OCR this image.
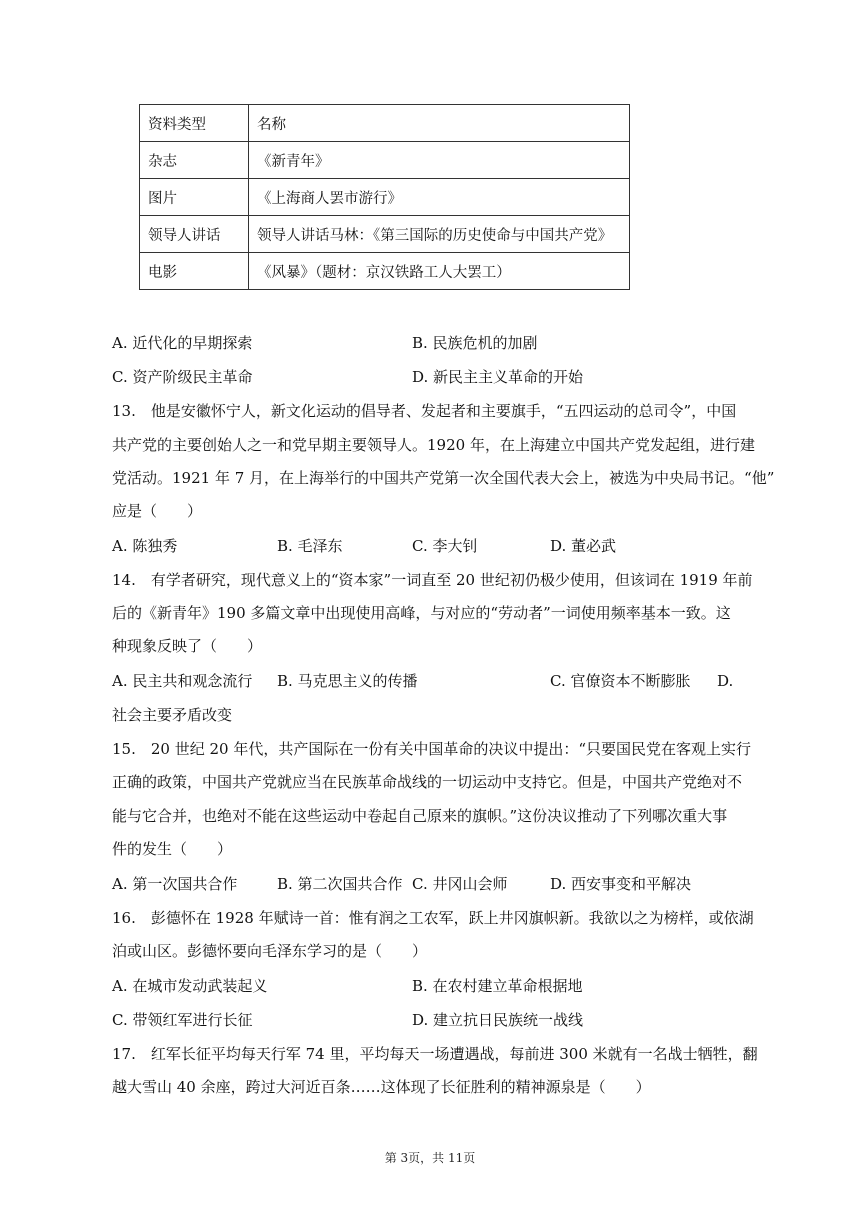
资料类型	名称
杂志	《新青年》
图片	《上海商人罢市游行》
领导人讲话	领导人讲话马林：《第三国际的历史使命与中国共产党》
电影	《风暴》（题材：京汉铁路工人大罢工）
A. 近代化的早期探索	B. 民族危机的加剧
C. 资产阶级民主革命	D. 新民主主义革命的开始
13.　他是安徽怀宁人，新文化运动的倡导者、发起者和主要旗手，“五四运动的总司令”，中国
共产党的主要创始人之一和党早期主要领导人。1920 年，在上海建立中国共产党发起组，进行建
党活动。1921 年 7 月，在上海举行的中国共产党第一次全国代表大会上，被选为中央局书记。“他”
应是（　　）
A. 陈独秀	B. 毛泽东	C. 李大钊	D. 董必武
14.　有学者研究，现代意义上的“资本家”一词直至 20 世纪初仍极少使用，但该词在 1919 年前
后的《新青年》190 多篇文章中出现使用高峰，与对应的“劳动者”一词使用频率基本一致。这
种现象反映了（　　）
A. 民主共和观念流行 B. 马克思主义的传播	C. 官僚资本不断膨胀 D.
社会主要矛盾改变
15.　20 世纪 20 年代，共产国际在一份有关中国革命的决议中提出：“只要国民党在客观上实行
正确的政策，中国共产党就应当在民族革命战线的一切运动中支持它。但是，中国共产党绝对不
能与它合并，也绝对不能在这些运动中卷起自己原来的旗帜。”这份决议推动了下列哪次重大事
件的发生（　　）
A. 第一次国共合作	B. 第二次国共合作 C. 井冈山会师	D. 西安事变和平解决
16.　彭德怀在 1928 年赋诗一首：惟有润之工农军，跃上井冈旗帜新。我欲以之为榜样，或依湖
泊或山区。彭德怀要向毛泽东学习的是（　　）
A. 在城市发动武装起义	B. 在农村建立革命根据地
C. 带领红军进行长征	D. 建立抗日民族统一战线
17.　红军长征平均每天行军 74 里，平均每天一场遭遇战，每前进 300 米就有一名战士牺牲，翻
越大雪山 40 余座，跨过大河近百条……这体现了长征胜利的精神源泉是（　　）
第 3页，共 11页
